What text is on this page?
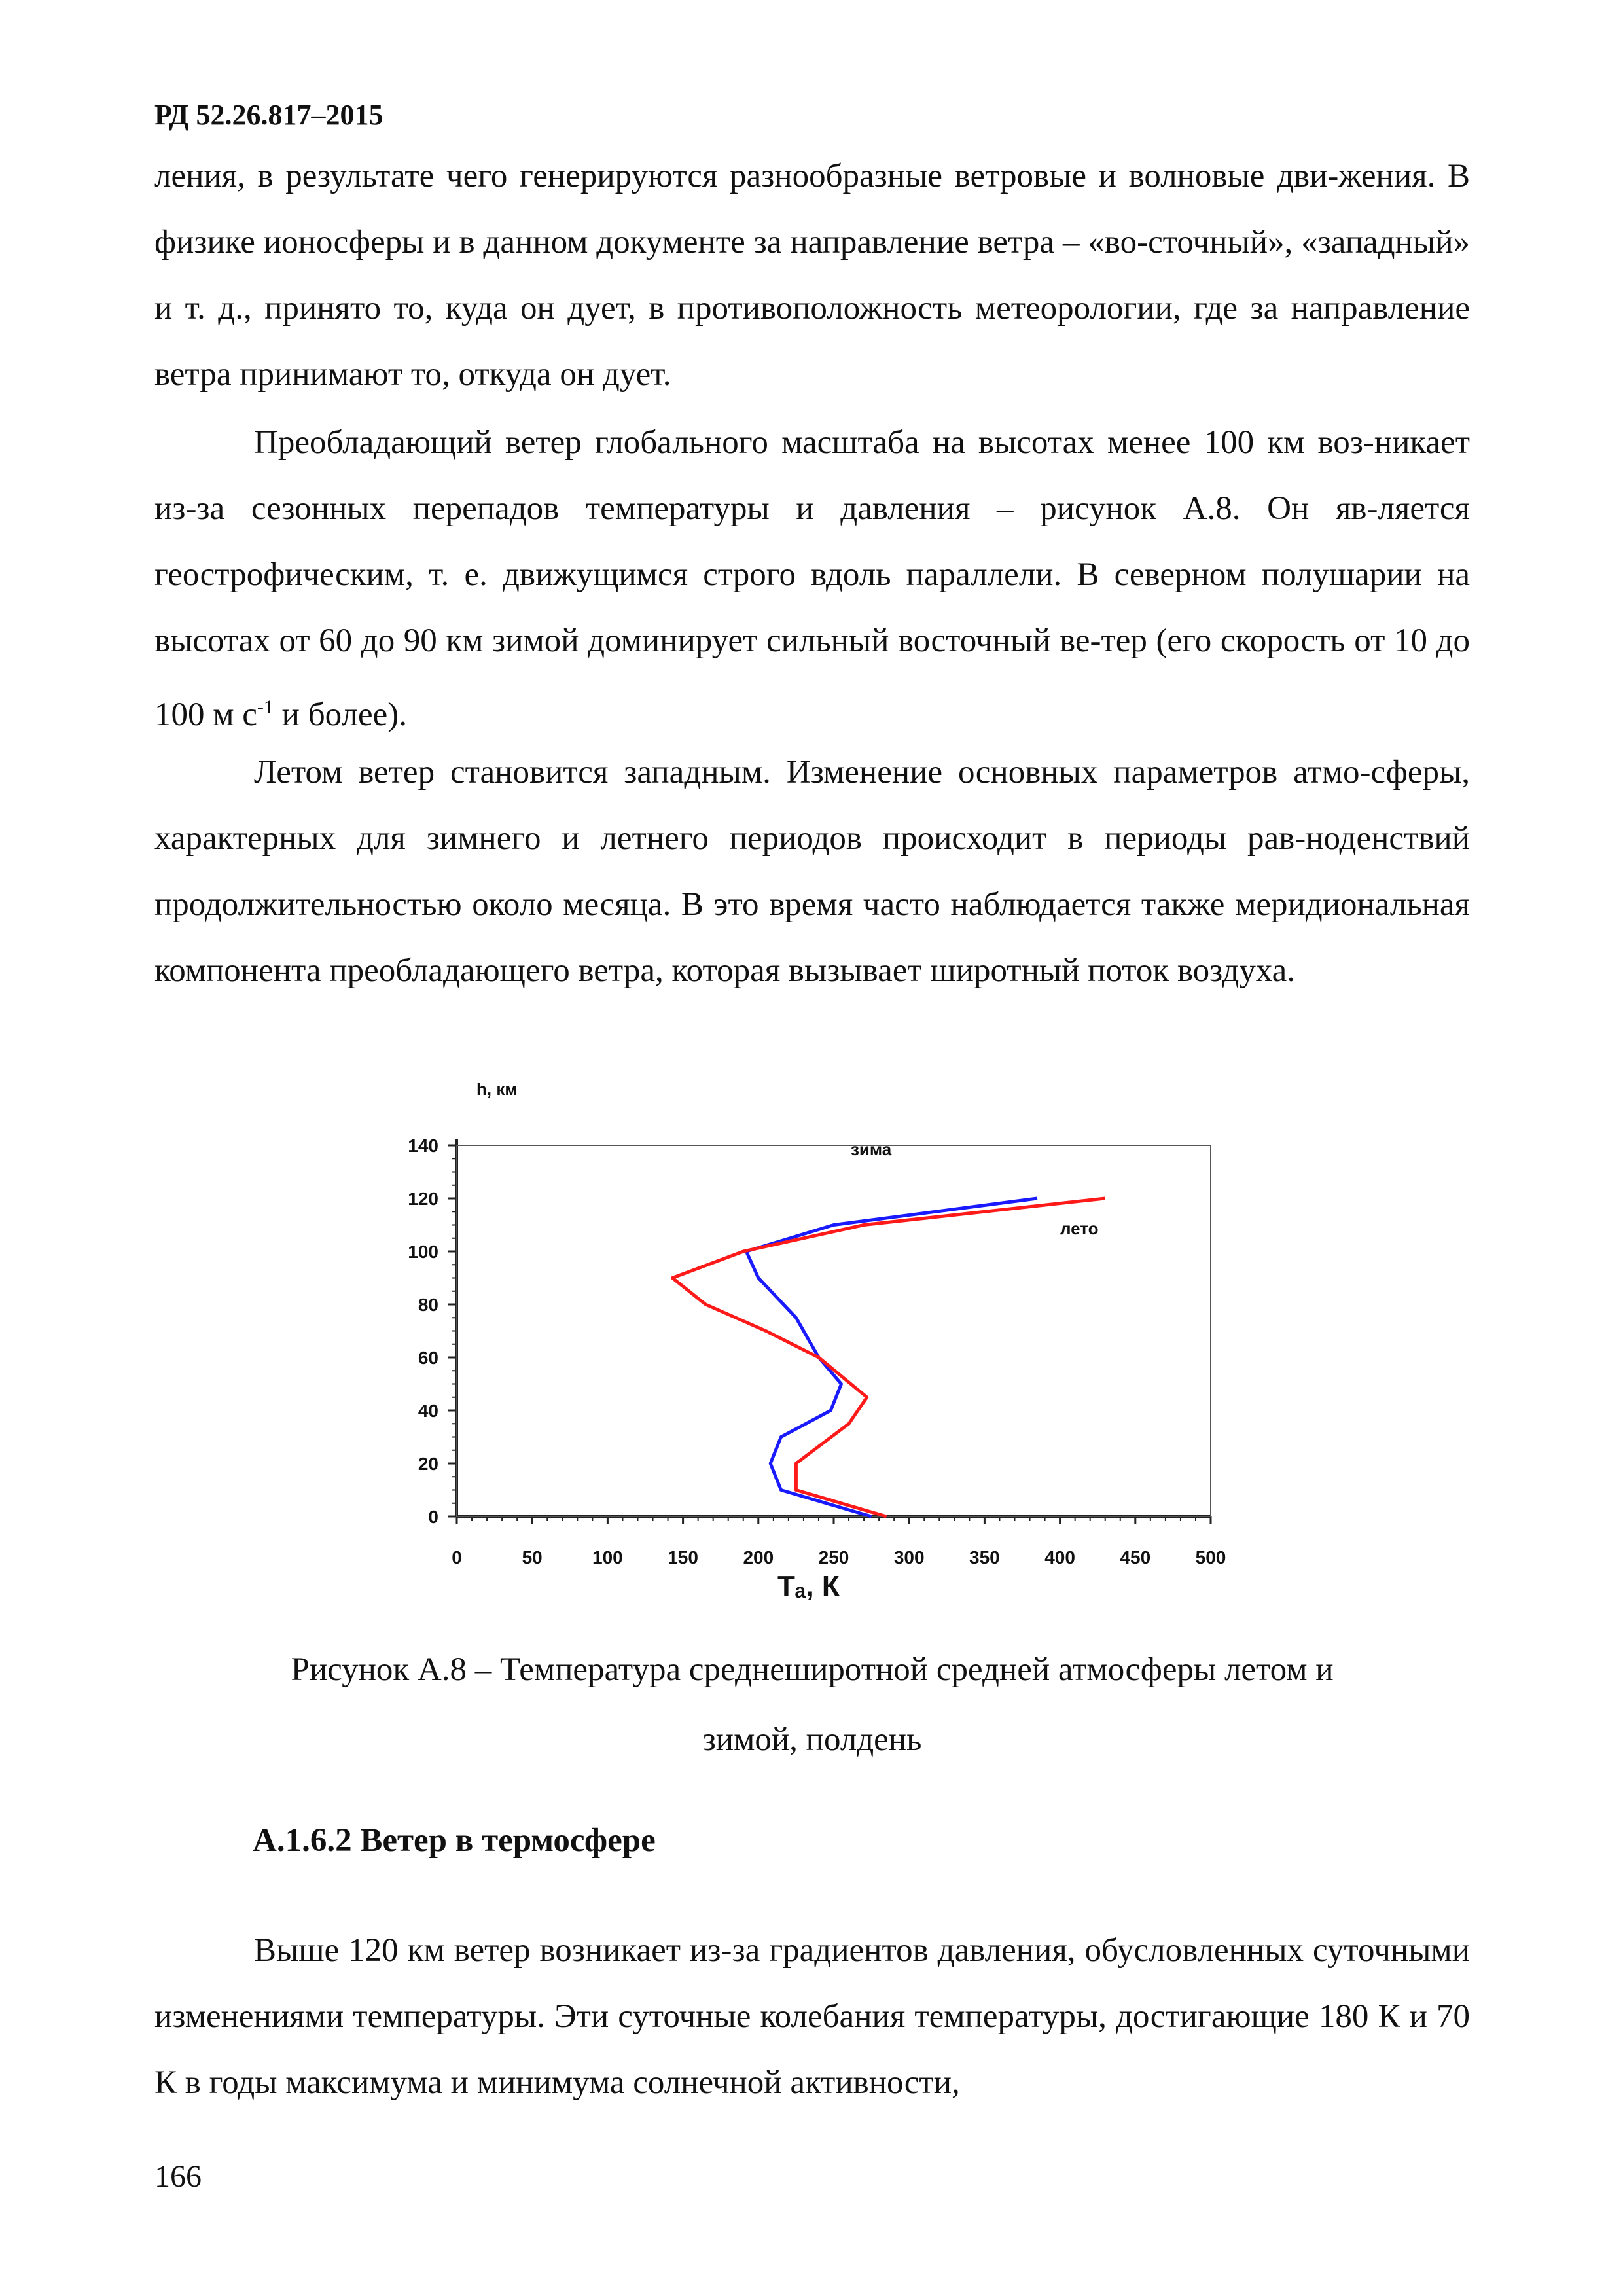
РД 52.26.817–2015

ления, в результате чего генерируются разнообразные ветровые и волновые дви-жения. В физике ионосферы и в данном документе за направление ветра – «во-сточный», «западный» и т. д., принято то, куда он дует, в противоположность метеорологии, где за направление ветра принимают то, откуда он дует.

Преобладающий ветер глобального масштаба на высотах менее 100 км воз-никает из-за сезонных перепадов температуры и давления – рисунок А.8. Он яв-ляется геострофическим, т. е. движущимся строго вдоль параллели. В северном полушарии на высотах от 60 до 90 км зимой доминирует сильный восточный ве-тер (его скорость от 10 до 100 м $с^{-1}$ и более).

Летом ветер становится западным. Изменение основных параметров атмо-сферы, характерных для зимнего и летнего периодов происходит в периоды рав-ноденствий продолжительностью около месяца. В это время часто наблюдается также меридиональная компонента преобладающего ветра, которая вызывает широтный поток воздуха.

500
450
400
350
300
250
200
150
100
50
0
140
120
100
80
60
40
20
0
h, км
Tₐ, К
зима
лето

Рисунок А.8 – Температура среднеширотной средней атмосферы летом и
зимой, полдень

А.1.6.2 Ветер в термосфере

Выше 120 км ветер возникает из-за градиентов давления, обусловленных суточными изменениями температуры. Эти суточные колебания температуры, достигающие 180 К и 70 К в годы максимума и минимума солнечной активности,

166
